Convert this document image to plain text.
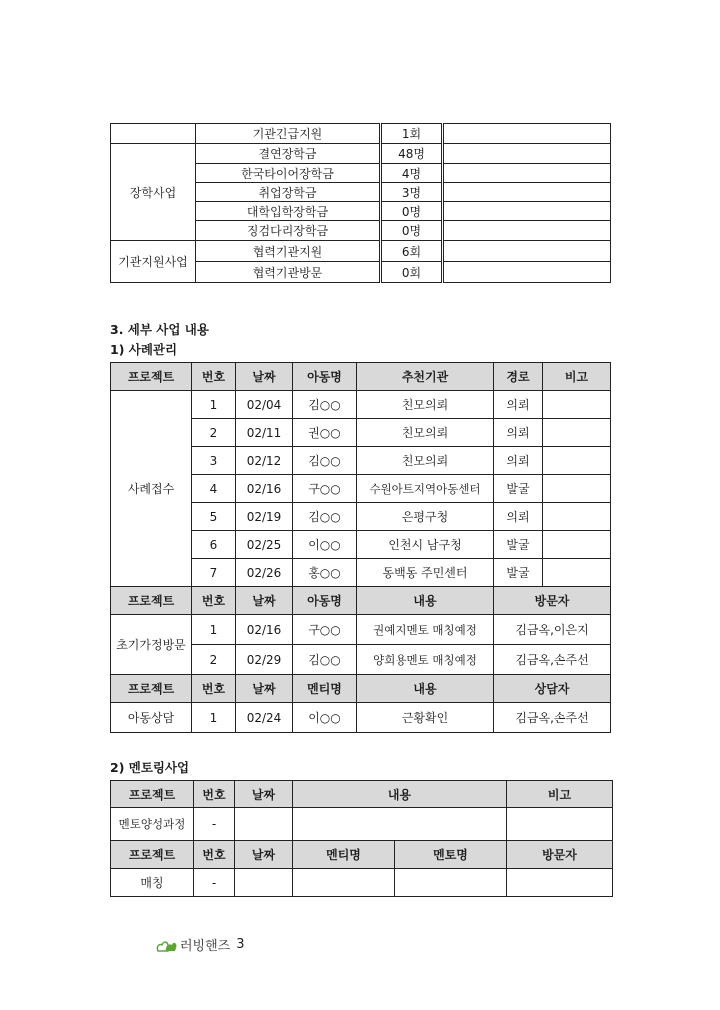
	기관긴급지원	1회	
장학사업	결연장학금	48명	
	한국타이어장학금	4명	
	취업장학금	3명	
	대학입학장학금	0명	
	징검다리장학금	0명	
기관지원사업	협력기관지원	6회	
	협력기관방문	0회	
3. 세부 사업 내용
1) 사례관리
프로젝트	번호	날짜	아동명	추천기관	경로	비고
사례접수	1	02/04	김○○	친모의뢰	의뢰	
	2	02/11	권○○	친모의뢰	의뢰	
	3	02/12	김○○	친모의뢰	의뢰	
	4	02/16	구○○	수원아트지역아동센터	발굴	
	5	02/19	김○○	은평구청	의뢰	
	6	02/25	이○○	인천시 남구청	발굴	
	7	02/26	홍○○	동백동 주민센터	발굴	
프로젝트	번호	날짜	아동명	내용	방문자	
초기가정방문	1	02/16	구○○	권예지멘토 매칭예정	김금옥,이은지	
	2	02/29	김○○	양희용멘토 매칭예정	김금옥,손주선	
프로젝트	번호	날짜	멘티명	내용	상담자	
아동상담	1	02/24	이○○	근황확인	김금옥,손주선	
2) 멘토링사업
프로젝트	번호	날짜	내용		비고
멘토양성과정	-				
프로젝트	번호	날짜	멘티명	멘토명	방문자
매칭	-				
러빙핸즈 3
